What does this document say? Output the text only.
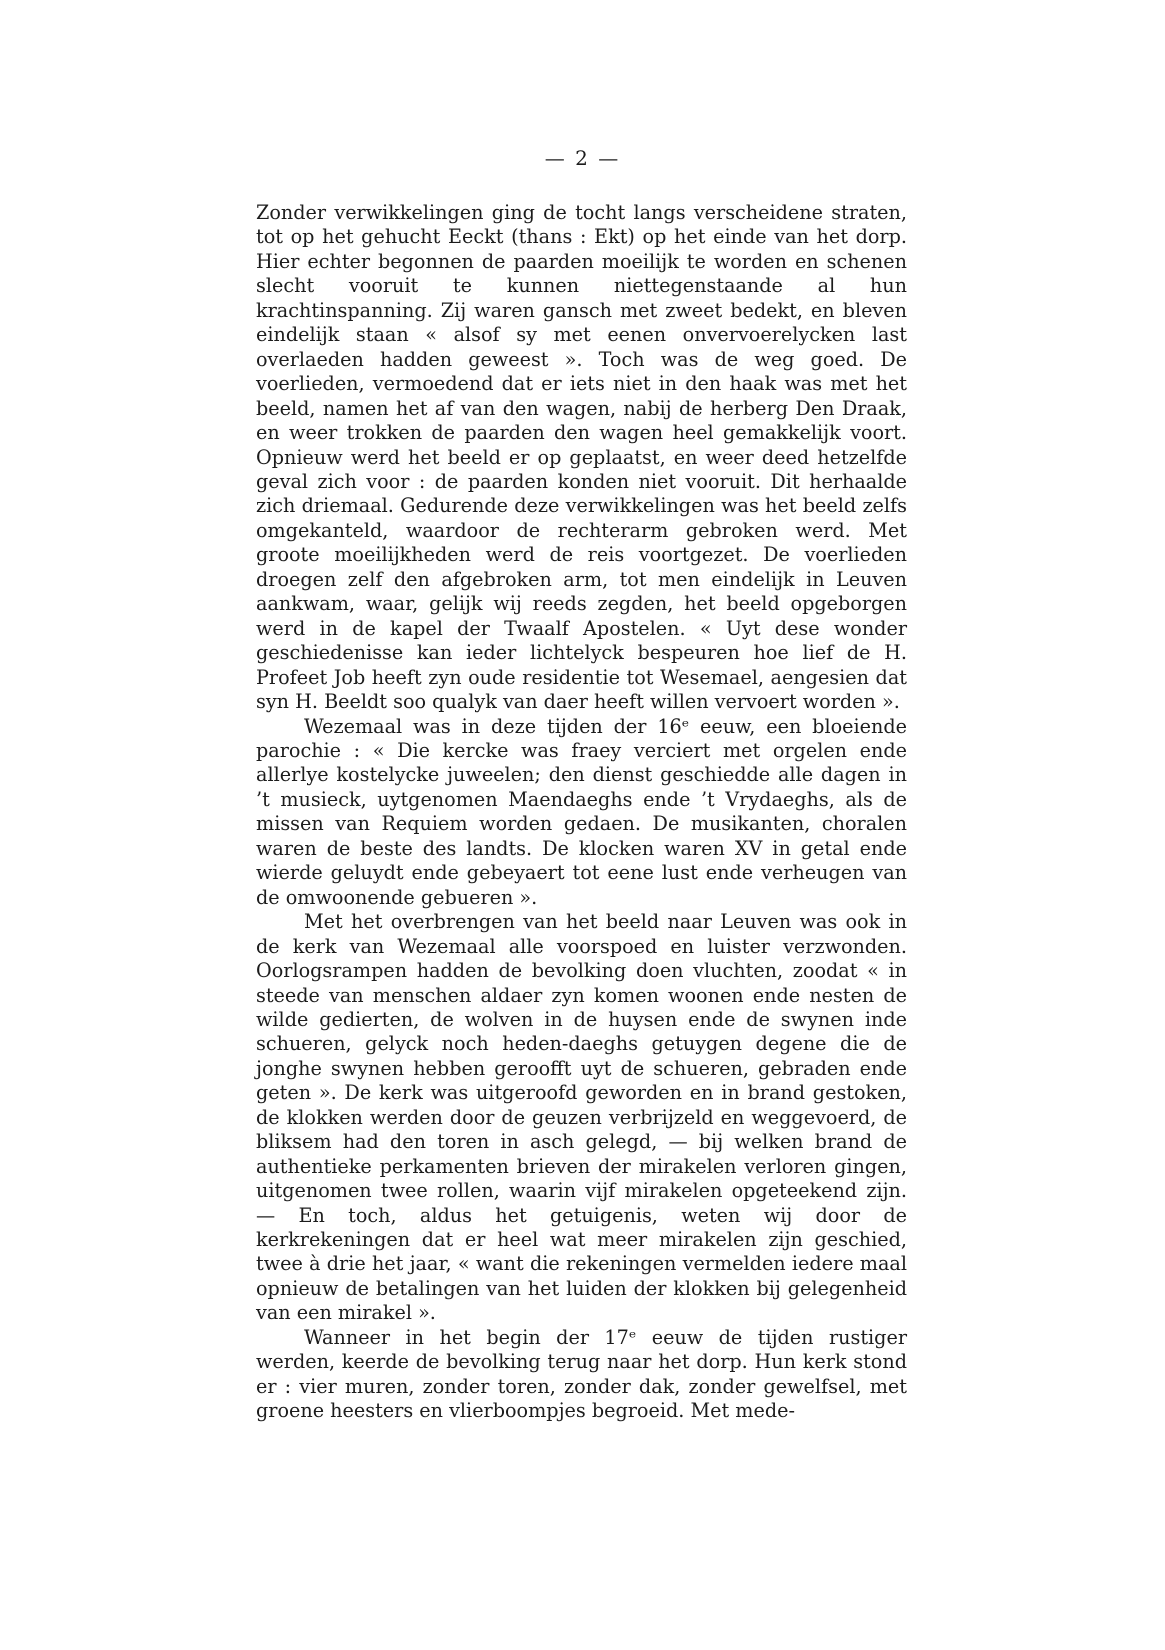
— 2 —

Zonder verwikkelingen ging de tocht langs verscheidene straten, tot op het gehucht Eeckt (thans : Ekt) op het einde van het dorp. Hier echter begonnen de paarden moeilijk te worden en schenen slecht vooruit te kunnen niettegenstaande al hun krachtinspanning. Zij waren gansch met zweet bedekt, en bleven eindelijk staan « alsof sy met eenen onvervoerelycken last overlaeden hadden geweest ». Toch was de weg goed. De voerlieden, vermoedend dat er iets niet in den haak was met het beeld, namen het af van den wagen, nabij de herberg Den Draak, en weer trokken de paarden den wagen heel gemakkelijk voort. Opnieuw werd het beeld er op geplaatst, en weer deed hetzelfde geval zich voor : de paarden konden niet vooruit. Dit herhaalde zich driemaal. Gedurende deze verwikkelingen was het beeld zelfs omgekanteld, waardoor de rechterarm gebroken werd. Met groote moeilijkheden werd de reis voortgezet. De voerlieden droegen zelf den afgebroken arm, tot men eindelijk in Leuven aankwam, waar, gelijk wij reeds zegden, het beeld opgeborgen werd in de kapel der Twaalf Apostelen. « Uyt dese wonder geschiedenisse kan ieder lichtelyck bespeuren hoe lief de H. Profeet Job heeft zyn oude residentie tot Wesemael, aengesien dat syn H. Beeldt soo qualyk van daer heeft willen vervoert worden ».

Wezemaal was in deze tijden der 16ᵉ eeuw, een bloeiende parochie : « Die kercke was fraey verciert met orgelen ende allerlye kostelycke juweelen; den dienst geschiedde alle dagen in ’t musieck, uytgenomen Maendaeghs ende ’t Vrydaeghs, als de missen van Requiem worden gedaen. De musikanten, choralen waren de beste des landts. De klocken waren XV in getal ende wierde geluydt ende gebeyaert tot eene lust ende verheugen van de omwoonende gebueren ».

Met het overbrengen van het beeld naar Leuven was ook in de kerk van Wezemaal alle voorspoed en luister verzwonden. Oorlogsrampen hadden de bevolking doen vluchten, zoodat « in steede van menschen aldaer zyn komen woonen ende nesten de wilde gedierten, de wolven in de huysen ende de swynen inde schueren, gelyck noch heden-daeghs getuygen degene die de jonghe swynen hebben geroofft uyt de schueren, gebraden ende geten ». De kerk was uitgeroofd geworden en in brand gestoken, de klokken werden door de geuzen verbrijzeld en weggevoerd, de bliksem had den toren in asch gelegd, — bij welken brand de authentieke perkamenten brieven der mirakelen verloren gingen, uitgenomen twee rollen, waarin vijf mirakelen opgeteekend zijn. — En toch, aldus het getuigenis, weten wij door de kerkrekeningen dat er heel wat meer mirakelen zijn geschied, twee à drie het jaar, « want die rekeningen vermelden iedere maal opnieuw de betalingen van het luiden der klokken bij gelegenheid van een mirakel ».

Wanneer in het begin der 17ᵉ eeuw de tijden rustiger werden, keerde de bevolking terug naar het dorp. Hun kerk stond er : vier muren, zonder toren, zonder dak, zonder gewelfsel, met groene heesters en vlierboompjes begroeid. Met mede-
